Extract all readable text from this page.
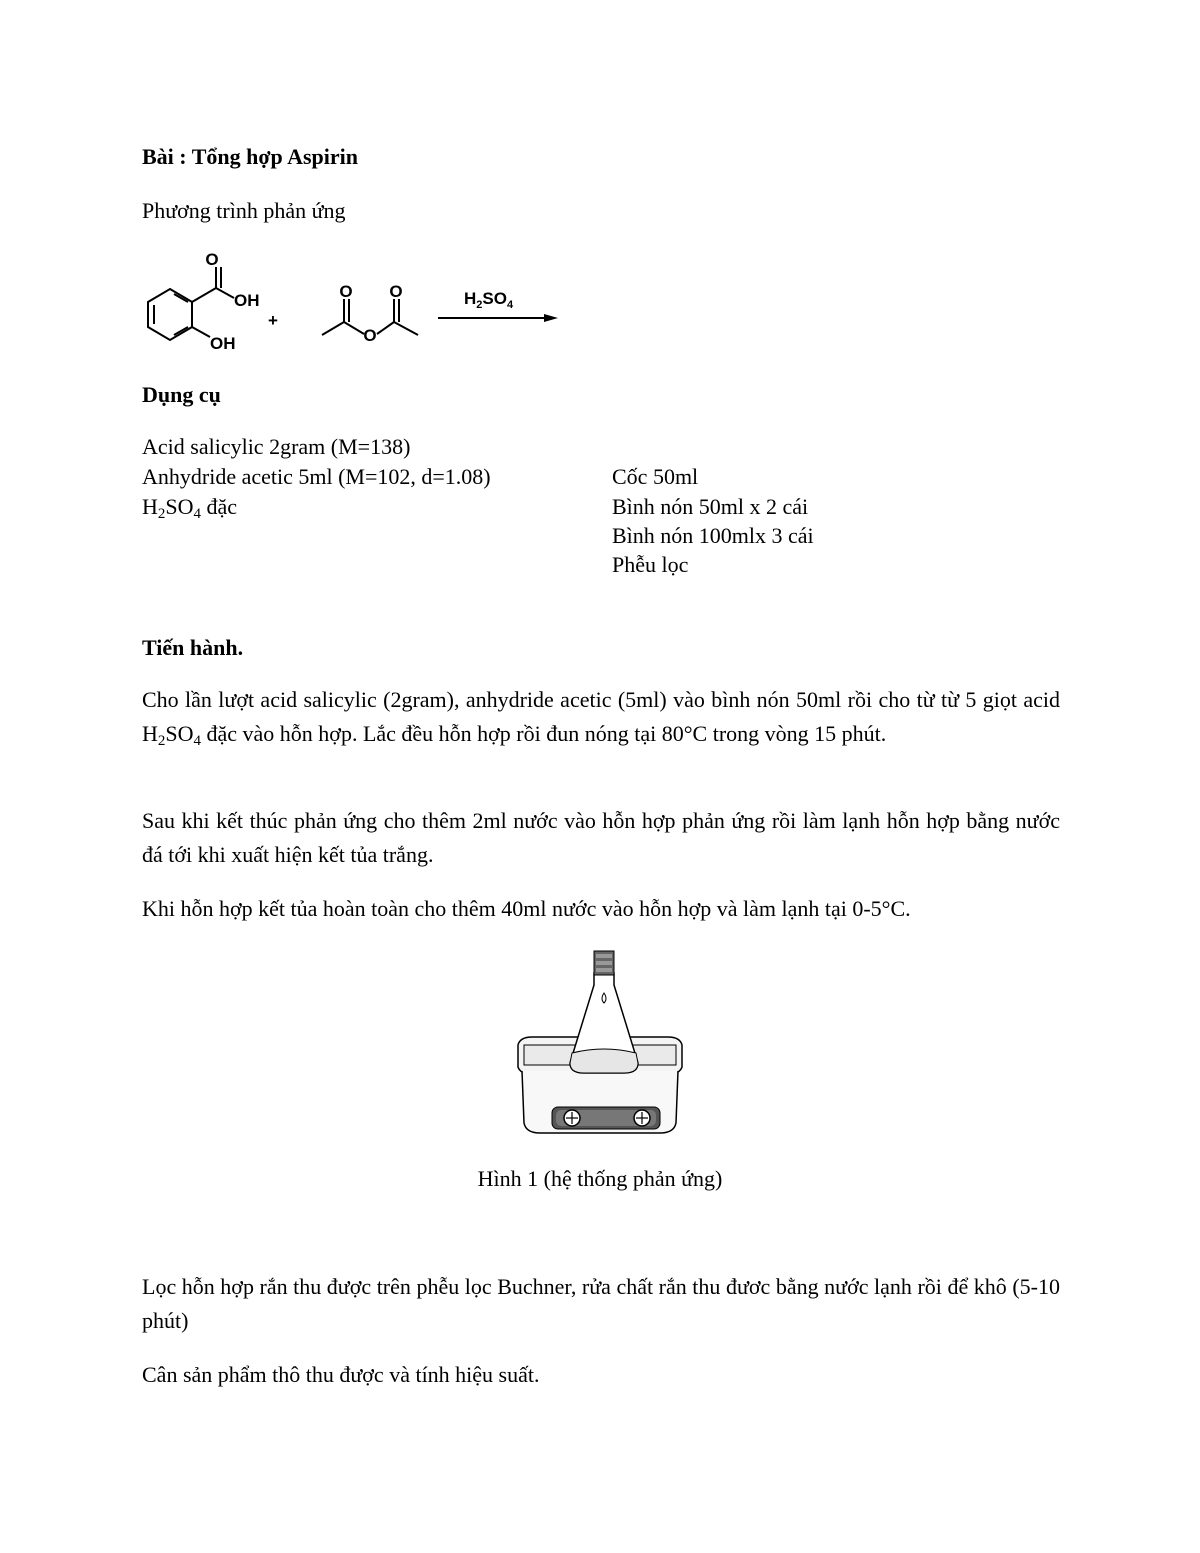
Bài : Tổng hợp Aspirin
Phương trình phản ứng
O
OH
OH
+
O O
O
$H_2SO_4$
Dụng cụ
Acid salicylic 2gram (M=138)
Anhydride acetic 5ml (M=102, d=1.08)
$H_2SO_4$ đặc
Cốc 50ml
Bình nón 50ml x 2 cái
Bình nón 100mlx 3 cái
Phễu lọc
Tiến hành.
Cho lần lượt acid salicylic (2gram), anhydride acetic (5ml) vào bình nón 50ml rồi cho từ từ 5 giọt acid $H_2SO_4$ đặc vào hỗn hợp. Lắc đều hỗn hợp rồi đun nóng tại 80°C trong vòng 15 phút.
Sau khi kết thúc phản ứng cho thêm 2ml nước vào hỗn hợp phản ứng rồi làm lạnh hỗn hợp bằng nước đá tới khi xuất hiện kết tủa trắng.
Khi hỗn hợp kết tủa hoàn toàn cho thêm 40ml nước vào hỗn hợp và làm lạnh tại 0-5°C.
Hình 1 (hệ thống phản ứng)
Lọc hỗn hợp rắn thu được trên phễu lọc Buchner, rửa chất rắn thu đươc bằng nước lạnh rồi để khô (5-10 phút)
Cân sản phẩm thô thu được và tính hiệu suất.
